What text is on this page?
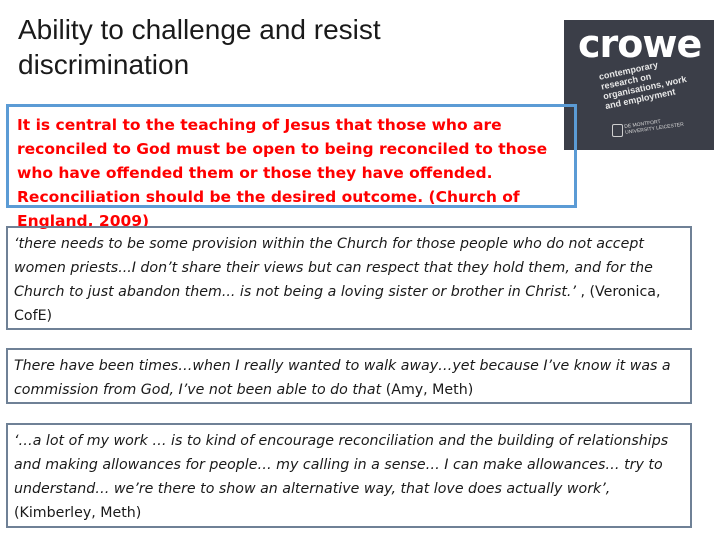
Ability to challenge and resist discrimination	crowe
contemporary research on organisations, work and employment
DE MONTFORT UNIVERSITY LEICESTER
It is central to the teaching of Jesus that those who are reconciled to God must be open to being reconciled to those who have offended them or those they have offended. Reconciliation should be the desired outcome. (Church of England, 2009)
‘there needs to be some provision within the Church for those people who do not accept women priests...I don’t share their views but can respect that they hold them, and for the Church to just abandon them... is not being a loving sister or brother in Christ.’ , (Veronica, CofE)
There have been times…when I really wanted to walk away…yet because I’ve know it was a commission from God, I’ve not been able to do that (Amy, Meth)
‘…a lot of my work … is to kind of encourage reconciliation and the building of relationships and making allowances for people… my calling in a sense… I can make allowances… try to understand… we’re there to show an alternative way, that love does actually work’, (Kimberley, Meth)
